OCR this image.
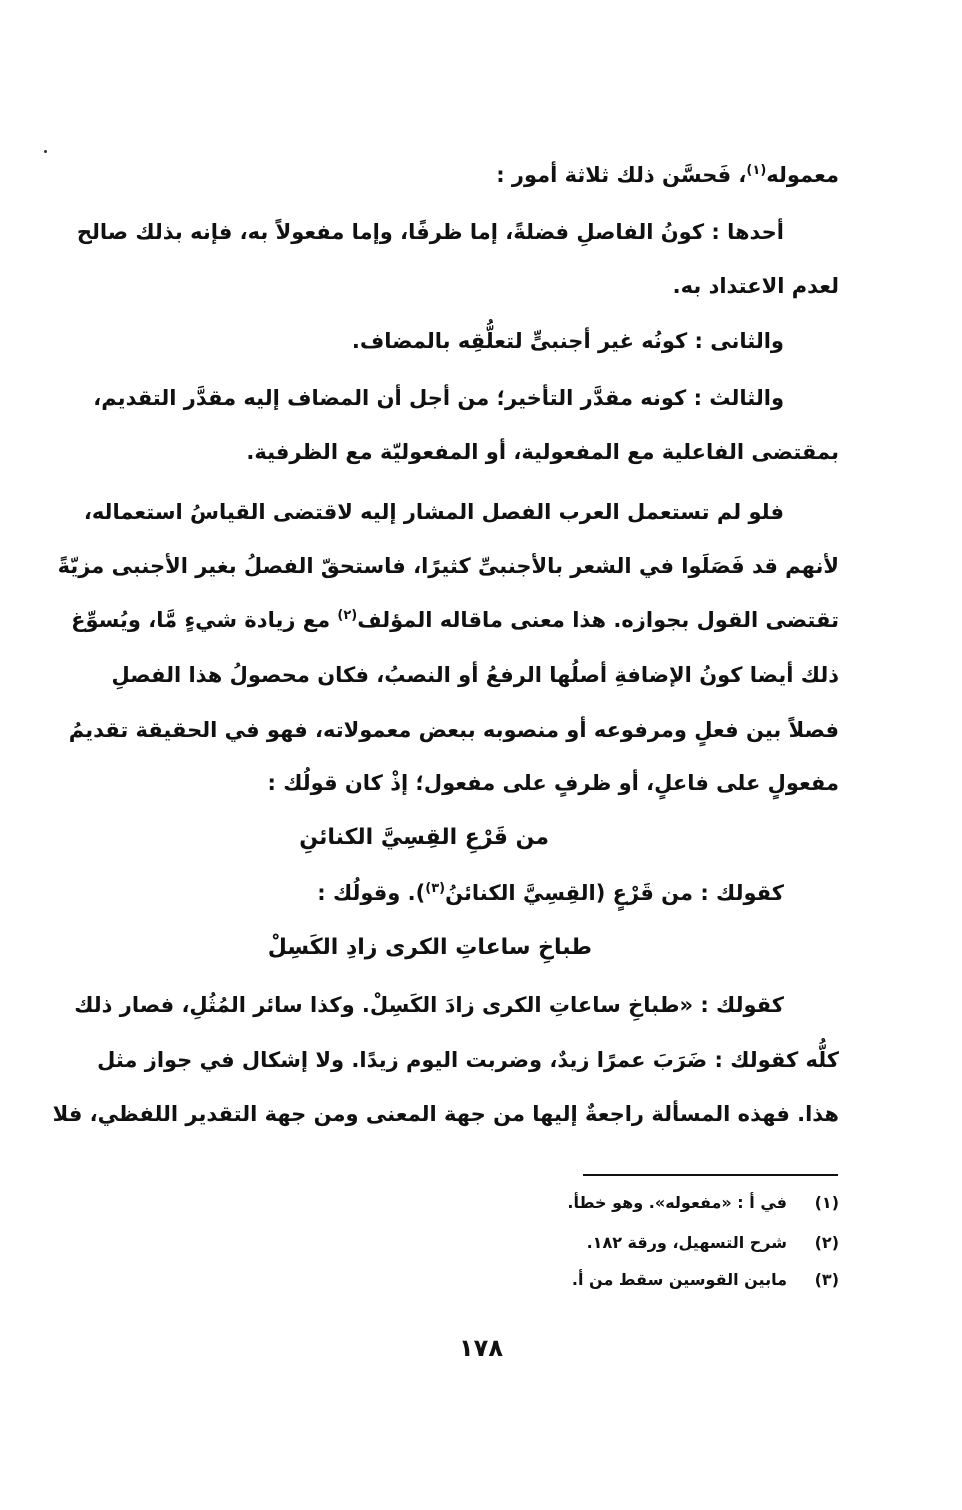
معموله$^{(١)}$، فَحسَّن ذلك ثلاثة أمور :
أحدها : كونُ الفاصلِ فضلةً، إما ظرفًا، وإما مفعولاً به، فإنه بذلك صالح
لعدم الاعتداد به.
والثانى : كونُه غير أجنبىٍّ لتعلُّقِه بالمضاف.
والثالث : كونه مقدَّر التأخير؛ من أجل أن المضاف إليه مقدَّر التقديم،
بمقتضى الفاعلية مع المفعولية، أو المفعوليّة مع الظرفية.
فلو لم تستعمل العرب الفصل المشار إليه لاقتضى القياسُ استعماله،
لأنهم قد فَصَلَوا في الشعر بالأجنبىِّ كثيرًا، فاستحقّ الفصلُ بغير الأجنبى مزيّةً
تقتضى القول بجوازه. هذا معنى ماقاله المؤلف$^{(٢)}$ مع زيادة شيءٍ مَّا، ويُسوِّغ
ذلك أيضا كونُ الإضافةِ أصلُها الرفعُ أو النصبُ، فكان محصولُ هذا الفصلِ
فصلاً بين فعلٍ ومرفوعه أو منصوبه ببعض معمولاته، فهو في الحقيقة تقديمُ
مفعولٍ على فاعلٍ، أو ظرفٍ على مفعول؛ إذْ كان قولُك :
من قَرْعِ القِسِيَّ الكنائنِ
كقولك : من قَرْعٍ (القِسِيَّ الكنائنُ$^{(٣)}$). وقولُك :
طباخِ ساعاتِ الكرى زادِ الكَسِلْ
كقولك : «طباخِ ساعاتِ الكرى زادَ الكَسِلْ. وكذا سائر المُثُلِ، فصار ذلك
كلُّه كقولك : ضَرَبَ عمرًا زيدٌ، وضربت اليوم زيدًا. ولا إشكال في جواز مثل
هذا. فهذه المسألة راجعةٌ إليها من جهة المعنى ومن جهة التقدير اللفظي، فلا
(١)في أ : «مفعوله». وهو خطأ.
(٢)شرح التسهيل، ورقة ١٨٢.
(٣)مابين القوسين سقط من أ.
١٧٨
